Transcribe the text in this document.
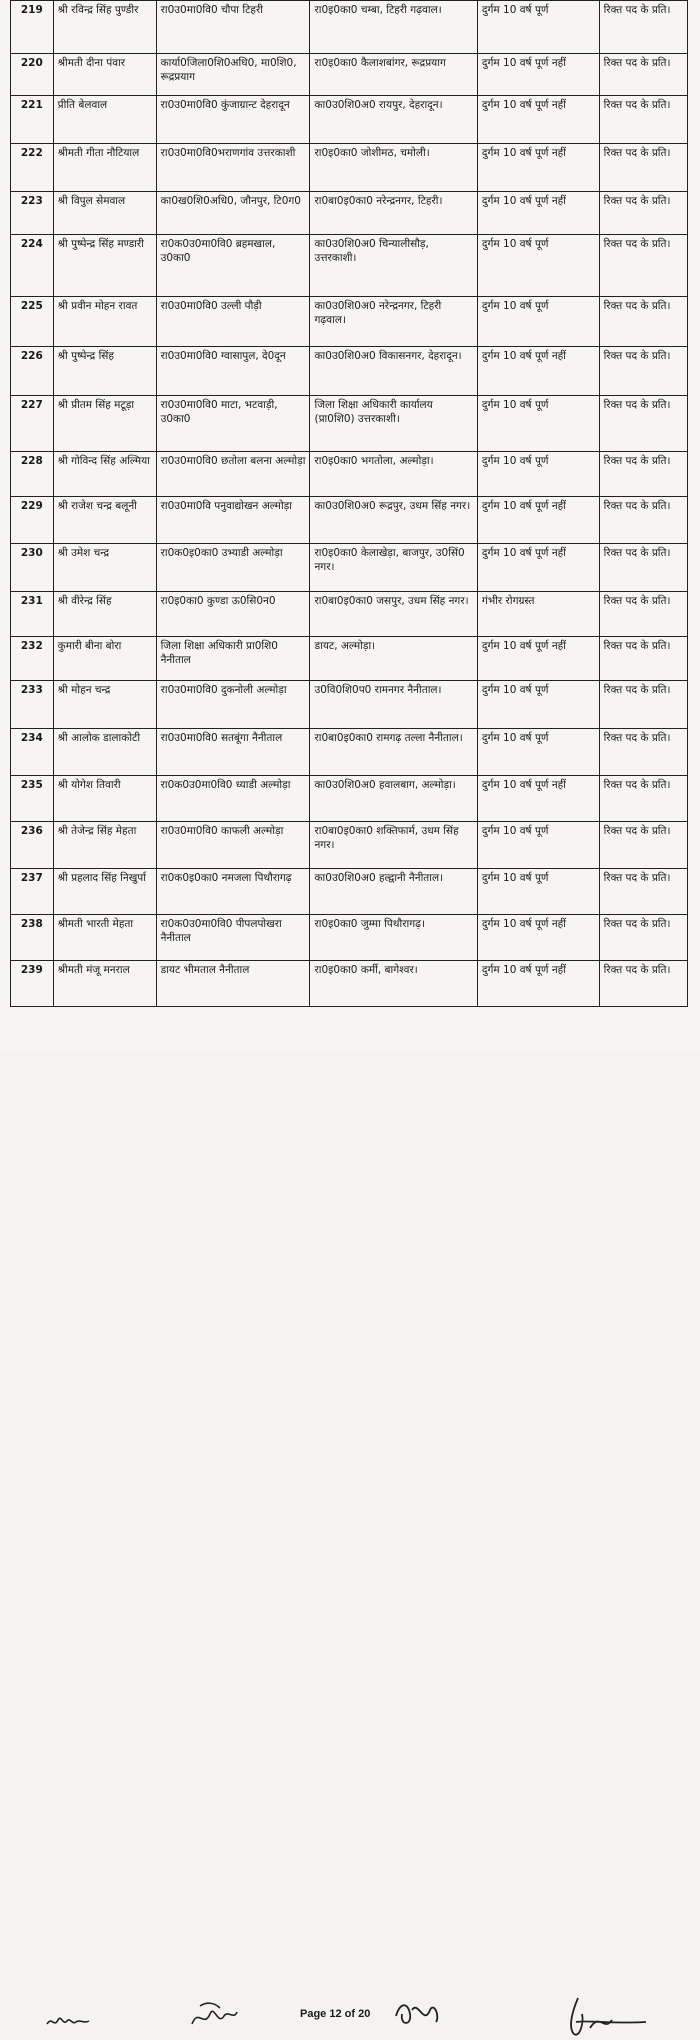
219	श्री रविन्द्र सिंह पुण्डीर	रा0उ0मा0वि0 चौपा टिहरी	रा0इ0का0 चम्बा, टिहरी गढ़वाल।	दुर्गम 10 वर्ष पूर्ण	रिक्त पद के प्रति।
220	श्रीमती दीना पंवार	कार्या0जिला0शि0अधि0, मा0शि0, रूद्रप्रयाग	रा0इ0का0 कैलाशबांगर, रूद्रप्रयाग	दुर्गम 10 वर्ष पूर्ण नहीं	रिक्त पद के प्रति।
221	प्रीति बेलवाल	रा0उ0मा0वि0 कुंजाग्रान्ट देहरादून	का0उ0शि0अ0 रायपुर, देहरादून।	दुर्गम 10 वर्ष पूर्ण नहीं	रिक्त पद के प्रति।
222	श्रीमती गीता नौटियाल	रा0उ0मा0वि0भराणगांव उत्तरकाशी	रा0इ0का0 जोशीमठ, चमोली।	दुर्गम 10 वर्ष पूर्ण नहीं	रिक्त पद के प्रति।
223	श्री विपुल सेमवाल	का0ख0शि0अधि0, जौनपुर, टि0ग0	रा0बा0इ0का0 नरेन्द्रनगर, टिहरी।	दुर्गम 10 वर्ष पूर्ण नहीं	रिक्त पद के प्रति।
224	श्री पुष्पेन्द्र सिंह मण्डारी	रा0क0उ0मा0वि0 ब्रहमखाल, उ0का0	का0उ0शि0अ0 चिन्यालीसौड़, उत्तरकाशी।	दुर्गम 10 वर्ष पूर्ण	रिक्त पद के प्रति।
225	श्री प्रवीन मोहन रावत	रा0उ0मा0वि0 उल्ली पौड़ी	का0उ0शि0अ0 नरेन्द्रनगर, टिहरी गढ़वाल।	दुर्गम 10 वर्ष पूर्ण	रिक्त पद के प्रति।
226	श्री पुष्पेन्द्र सिंह	रा0उ0मा0वि0 ग्वासापुल, दे0दून	का0उ0शि0अ0 विकासनगर, देहरादून।	दुर्गम 10 वर्ष पूर्ण नहीं	रिक्त पद के प्रति।
227	श्री प्रीतम सिंह मटूड़ा	रा0उ0मा0वि0 माटा, भटवाड़ी, उ0का0	जिला शिक्षा अधिकारी कार्यालय (प्रा0शि0) उत्तरकाशी।	दुर्गम 10 वर्ष पूर्ण	रिक्त पद के प्रति।
228	श्री गोविन्द सिंह अल्मिया	रा0उ0मा0वि0 छतोला बलना अल्मोड़ा	रा0इ0का0 भगतोला, अल्मोड़ा।	दुर्गम 10 वर्ष पूर्ण	रिक्त पद के प्रति।
229	श्री राजेश चन्द्र बलूनी	रा0उ0मा0वि पनुवाद्योखन अल्मोड़ा	का0उ0शि0अ0 रूद्रपुर, उधम सिंह नगर।	दुर्गम 10 वर्ष पूर्ण नहीं	रिक्त पद के प्रति।
230	श्री उमेश चन्द्र	रा0क0इ0का0 उभ्याडी अल्मोड़ा	रा0इ0का0 केलाखेड़ा, बाजपुर, उ0सिं0 नगर।	दुर्गम 10 वर्ष पूर्ण नहीं	रिक्त पद के प्रति।
231	श्री वीरेन्द्र सिंह	रा0इ0का0 कुण्डा ऊ0सि0न0	रा0बा0इ0का0 जसपुर, उधम सिंह नगर।	गंभीर रोगग्रस्त	रिक्त पद के प्रति।
232	कुमारी बीना बोरा	जिला शिक्षा अधिकारी प्रा0शि0 नैनीताल	डायट, अल्मोड़ा।	दुर्गम 10 वर्ष पूर्ण नहीं	रिक्त पद के प्रति।
233	श्री मोहन चन्द्र	रा0उ0मा0वि0 दुकनोली अल्मोड़ा	उ0वि0शि0प0 रामनगर नैनीताल।	दुर्गम 10 वर्ष पूर्ण	रिक्त पद के प्रति।
234	श्री आलोक डालाकोटी	रा0उ0मा0वि0 सतबूंगा नैनीताल	रा0बा0इ0का0 रामगढ़ तल्ला नैनीताल।	दुर्गम 10 वर्ष पूर्ण	रिक्त पद के प्रति।
235	श्री योगेश तिवारी	रा0क0उ0मा0वि0 ध्याडी अल्मोड़ा	का0उ0शि0अ0 हवालबाग, अल्मोड़ा।	दुर्गम 10 वर्ष पूर्ण नहीं	रिक्त पद के प्रति।
236	श्री तेजेन्द्र सिंह मेहता	रा0उ0मा0वि0 काफली अल्मोड़ा	रा0बा0इ0का0 शक्तिफार्म, उधम सिंह नगर।	दुर्गम 10 वर्ष पूर्ण	रिक्त पद के प्रति।
237	श्री प्रहलाद सिंह निखुर्पा	रा0क0इ0का0 नमजला पिथौरागढ़	का0उ0शि0अ0 हल्द्वानी नैनीताल।	दुर्गम 10 वर्ष पूर्ण	रिक्त पद के प्रति।
238	श्रीमती भारती मेहता	रा0क0उ0मा0वि0 पीपलपोखरा नैनीताल	रा0इ0का0 जुम्मा पिथौरागढ़।	दुर्गम 10 वर्ष पूर्ण नहीं	रिक्त पद के प्रति।
239	श्रीमती मंजू मनराल	डायट भीमताल नैनीताल	रा0इ0का0 कर्मी, बागेश्वर।	दुर्गम 10 वर्ष पूर्ण नहीं	रिक्त पद के प्रति।
Page 12 of 20
